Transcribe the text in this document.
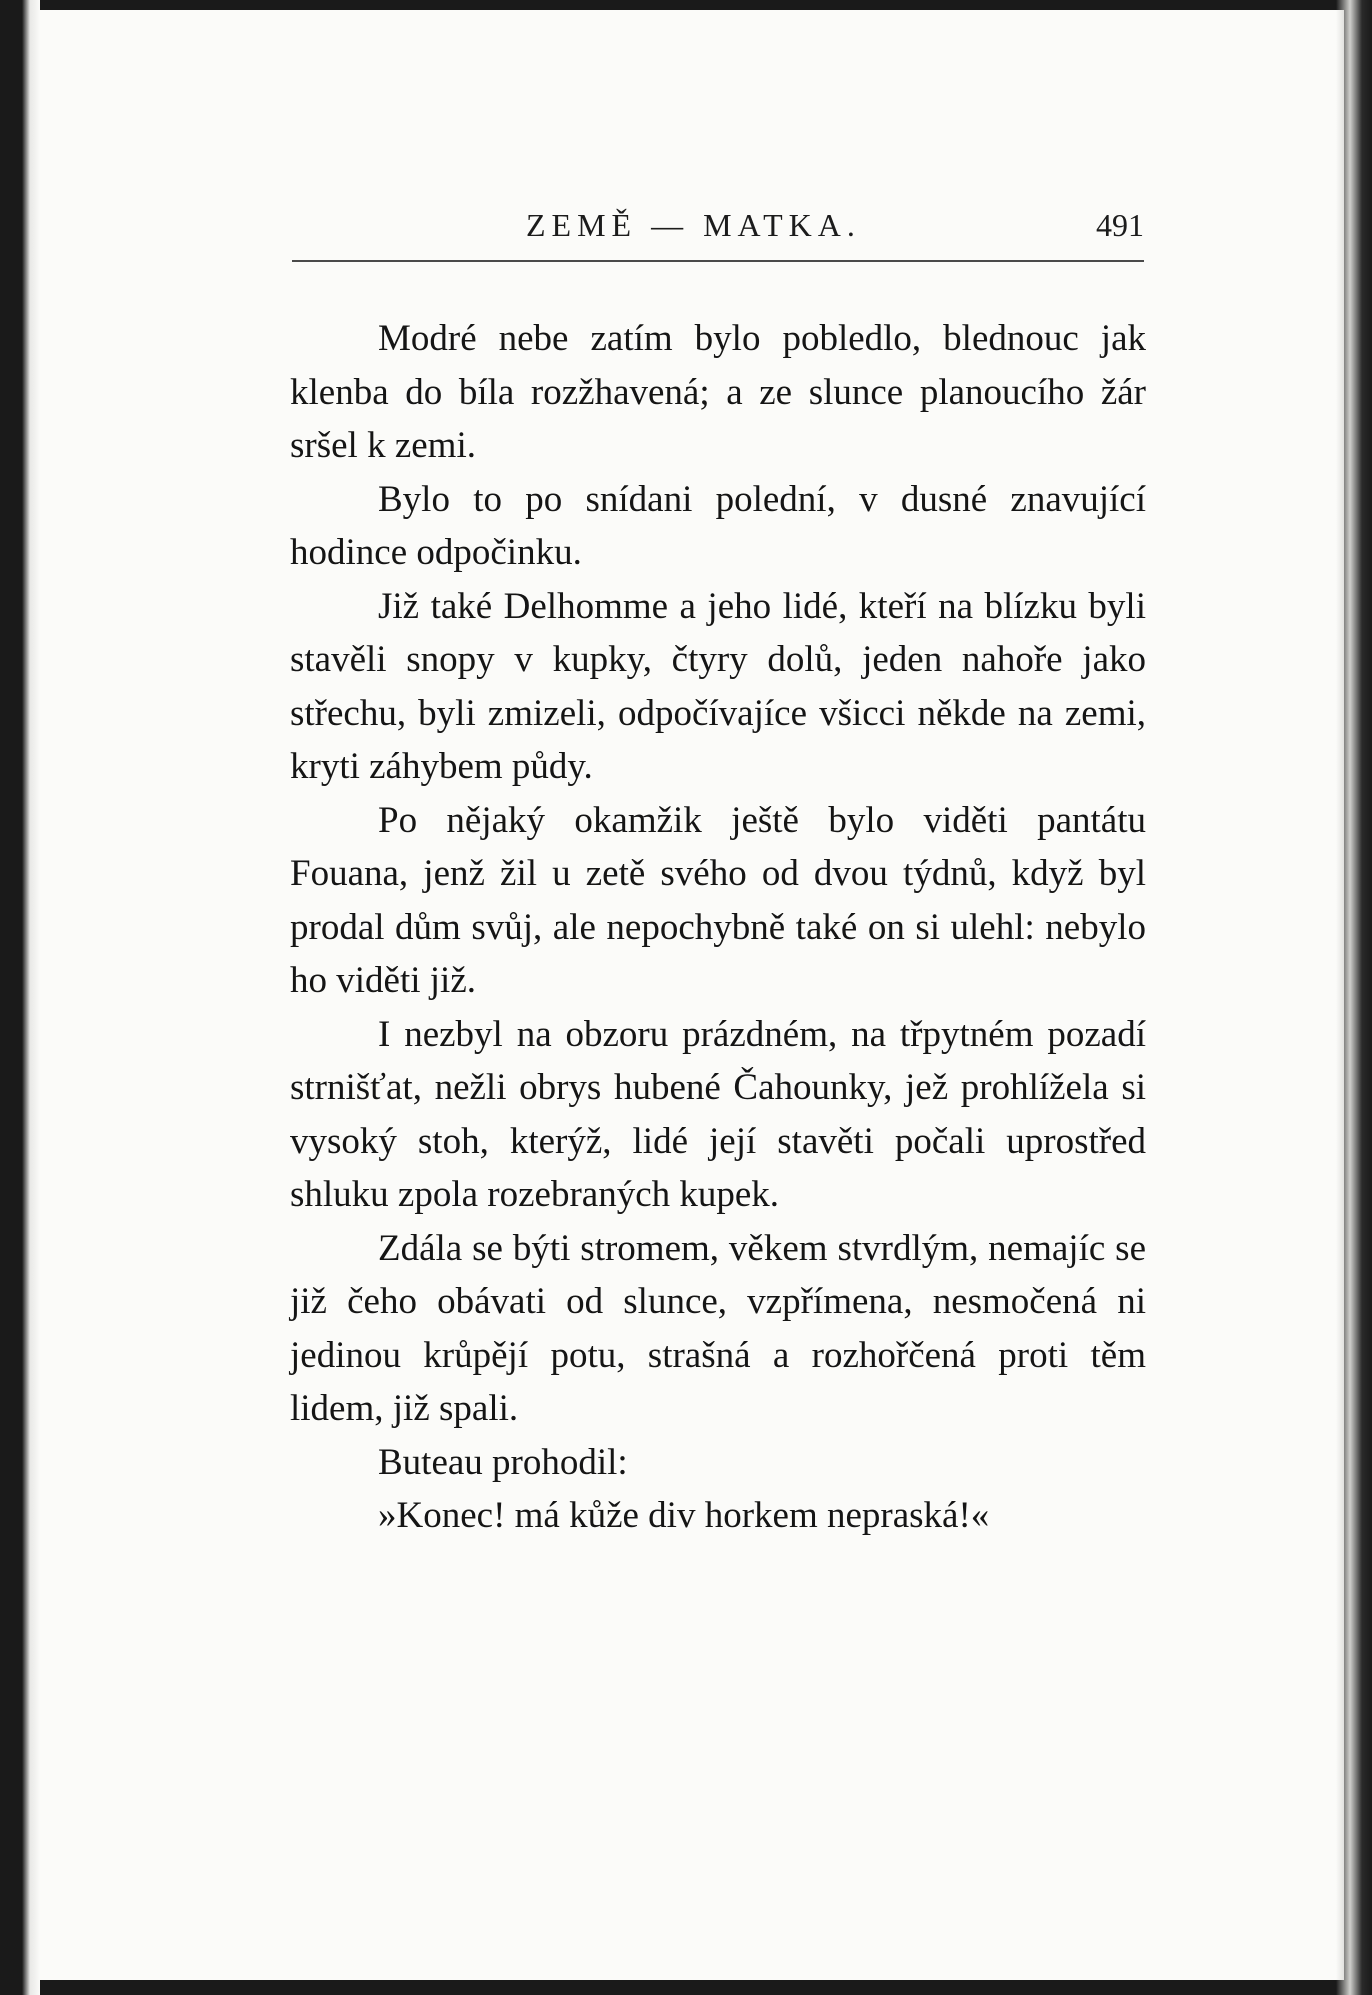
ZEMĚ — MATKA.	491

Modré nebe zatím bylo pobledlo, blednouc jak klenba do bíla rozžhavená; a ze slunce planoucího žár sršel k zemi.

Bylo to po snídani polední, v dusné znavující hodince odpočinku.

Již také Delhomme a jeho lidé, kteří na blízku byli stavěli snopy v kupky, čtyry dolů, jeden nahoře jako střechu, byli zmizeli, odpočívajíce všicci někde na zemi, kryti záhybem půdy.

Po nějaký okamžik ještě bylo viděti pantátu Fouana, jenž žil u zetě svého od dvou týdnů, když byl prodal dům svůj, ale nepochybně také on si ulehl: nebylo ho viděti již.

I nezbyl na obzoru prázdném, na třpytném pozadí strnišťat, nežli obrys hubené Čahounky, jež prohlížela si vysoký stoh, kterýž, lidé její stavěti počali uprostřed shluku zpola rozebraných kupek.

Zdála se býti stromem, věkem stvrdlým, nemajíc se již čeho obávati od slunce, vzpřímena, nesmočená ni jedinou krůpějí potu, strašná a rozhořčená proti těm lidem, již spali.

Buteau prohodil:

»Konec! má kůže div horkem nepraská!«
